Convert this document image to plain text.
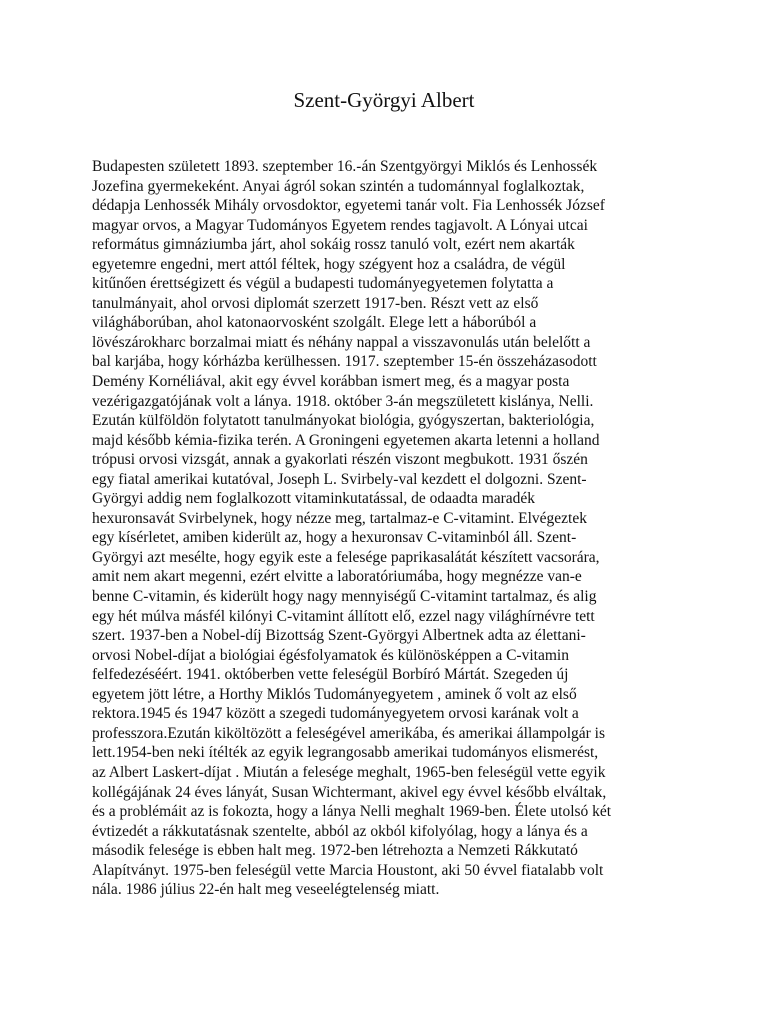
Szent-Györgyi Albert
Budapesten született 1893. szeptember 16.-án Szentgyörgyi Miklós és Lenhossék
Jozefina gyermekeként. Anyai ágról sokan szintén a tudománnyal foglalkoztak,
dédapja Lenhossék Mihály orvosdoktor, egyetemi tanár volt. Fia Lenhossék József
magyar orvos, a Magyar Tudományos Egyetem rendes tagjavolt. A Lónyai utcai
református gimnáziumba járt, ahol sokáig rossz tanuló volt, ezért nem akarták
egyetemre engedni, mert attól féltek, hogy szégyent hoz a családra, de végül
kitűnően érettségizett és végül a budapesti tudományegyetemen folytatta a
tanulmányait, ahol orvosi diplomát szerzett 1917-ben. Részt vett az első
világháborúban, ahol katonaorvosként szolgált. Elege lett a háborúból a
lövészárokharc borzalmai miatt és néhány nappal a visszavonulás után belelőtt a
bal karjába, hogy kórházba kerülhessen. 1917. szeptember 15-én összeházasodott
Demény Kornéliával, akit egy évvel korábban ismert meg, és a magyar posta
vezérigazgatójának volt a lánya. 1918. október 3-án megszületett kislánya, Nelli.
Ezután külföldön folytatott tanulmányokat biológia, gyógyszertan, bakteriológia,
majd később kémia-fizika terén. A Groningeni egyetemen akarta letenni a holland
trópusi orvosi vizsgát, annak a gyakorlati részén viszont megbukott. 1931 őszén
egy fiatal amerikai kutatóval, Joseph L. Svirbely-val kezdett el dolgozni. Szent-
Györgyi addig nem foglalkozott vitaminkutatással, de odaadta maradék
hexuronsavát Svirbelynek, hogy nézze meg, tartalmaz-e C-vitamint. Elvégeztek
egy kísérletet, amiben kiderült az, hogy a hexuronsav C-vitaminból áll. Szent-
Györgyi azt mesélte, hogy egyik este a felesége paprikasalátát készített vacsorára,
amit nem akart megenni, ezért elvitte a laboratóriumába, hogy megnézze van-e
benne C-vitamin, és kiderült hogy nagy mennyiségű C-vitamint tartalmaz, és alig
egy hét múlva másfél kilónyi C-vitamint állított elő, ezzel nagy világhírnévre tett
szert. 1937-ben a Nobel-díj Bizottság Szent-Györgyi Albertnek adta az élettani-
orvosi Nobel-díjat a biológiai égésfolyamatok és különösképpen a C-vitamin
felfedezéséért. 1941. októberben vette feleségül Borbíró Mártát. Szegeden új
egyetem jött létre, a Horthy Miklós Tudományegyetem , aminek ő volt az első
rektora.1945 és 1947 között a szegedi tudományegyetem orvosi karának volt a
professzora.Ezután kiköltözött a feleségével amerikába, és amerikai állampolgár is
lett.1954-ben neki ítélték az egyik legrangosabb amerikai tudományos elismerést,
az Albert Laskert-díjat . Miután a felesége meghalt, 1965-ben feleségül vette egyik
kollégájának 24 éves lányát, Susan Wichtermant, akivel egy évvel később elváltak,
és a problémáit az is fokozta, hogy a lánya Nelli meghalt 1969-ben. Élete utolsó két
évtizedét a rákkutatásnak szentelte, abból az okból kifolyólag, hogy a lánya és a
második felesége is ebben halt meg. 1972-ben létrehozta a Nemzeti Rákkutató
Alapítványt. 1975-ben feleségül vette Marcia Houstont, aki 50 évvel fiatalabb volt
nála. 1986 július 22-én halt meg veseelégtelenség miatt.
